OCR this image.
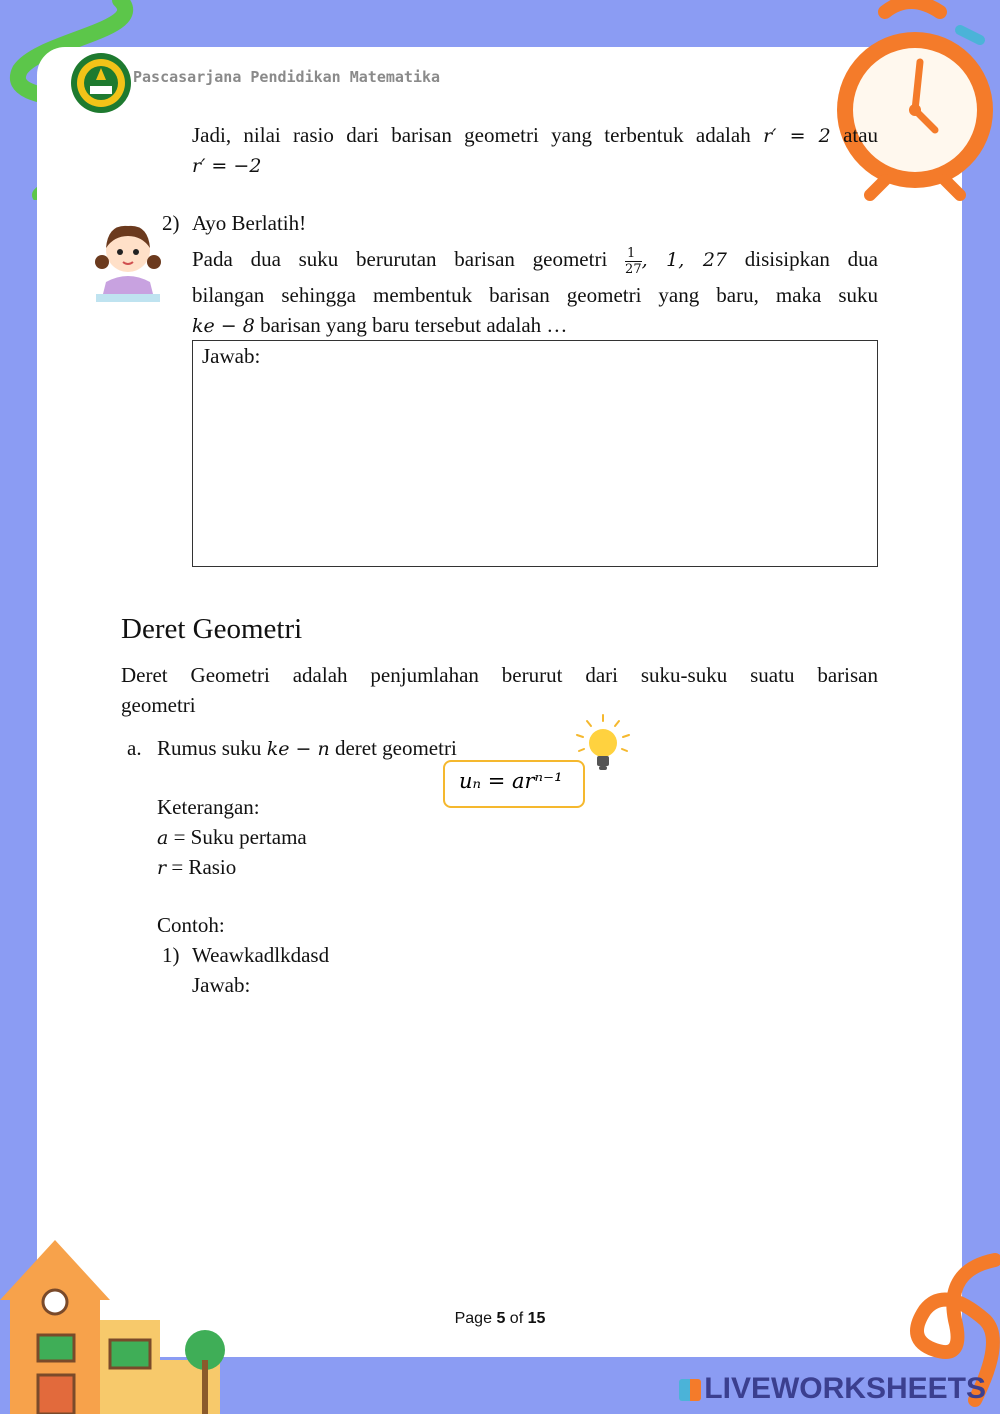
Pascasarjana Pendidikan Matematika
Jadi, nilai rasio dari barisan geometri yang terbentuk adalah r′ = 2 atau
r′ = −2
2) Ayo Berlatih!
Pada dua suku berurutan barisan geometri $\frac{1}{27}$, 1, 27 disisipkan dua
bilangan sehingga membentuk barisan geometri yang baru, maka suku
ke − 8 barisan yang baru tersebut adalah …
Jawab:
Deret Geometri
Deret Geometri adalah penjumlahan berurut dari suku-suku suatu barisan
geometri
a. Rumus suku ke − n deret geometri
uₙ = arⁿ⁻¹
Keterangan:
a = Suku pertama
r = Rasio
Contoh:
1) Weawkadlkdasd
Jawab:
Page 5 of 15
LIVEWORKSHEETS
